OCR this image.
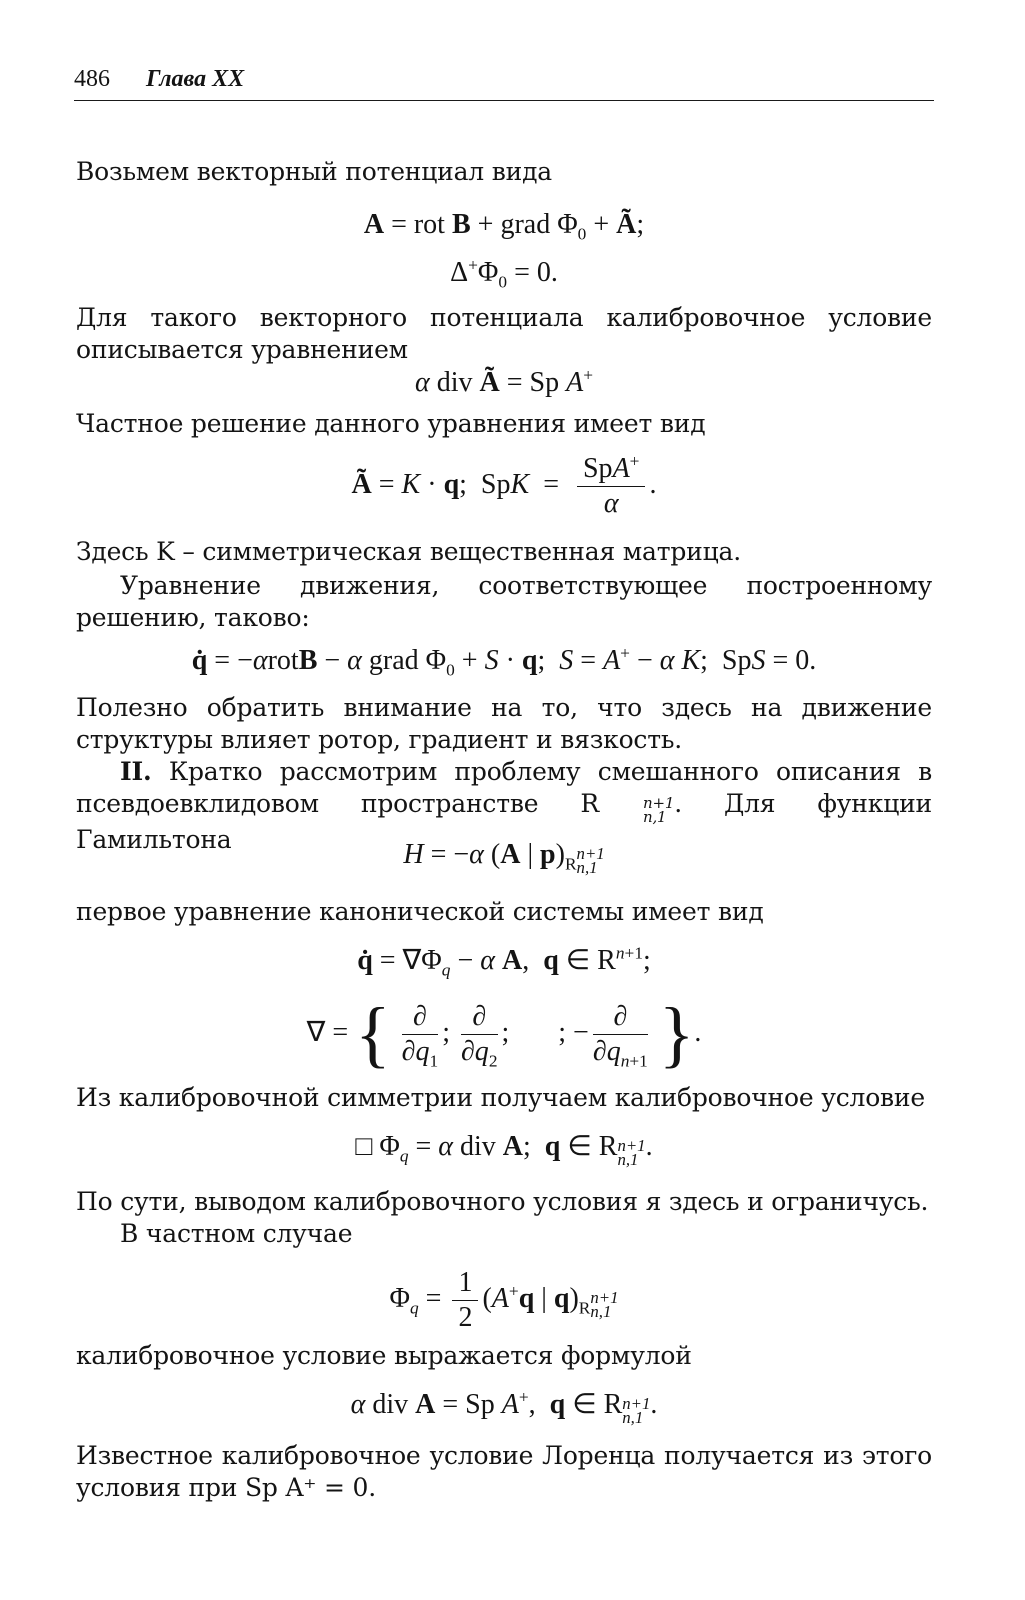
486 Глава XX

Возьмем векторный потенциал вида

A = rot B + grad $\Phi_0$ + Ã;
$\Delta^+\Phi_0 = 0$.

Для такого векторного потенциала калибровочное условие описывается уравнением

α div Ã = Sp A+

Частное решение данного уравнения имеет вид

Ã = K · q;  SpK  = $\frac{SpA^+}{\alpha}$ .

Здесь K – симметрическая вещественная матрица.

Уравнение движения, соответствующее построенному решению, таково:

q̇ = −αrotB − α grad $\Phi_0 + S \cdot q$;  S = A+ − α K;  SpS = 0.

Полезно обратить внимание на то, что здесь на движение структуры влияет ротор, градиент и вязкость.

II. Кратко рассмотрим проблему смешанного описания в псевдоевклидовом пространстве R	n+1
n,1 . Для функции Гамильтона	H = −α (A | $p)_R$
n+1
n,1

первое уравнение канонической системы имеет вид

q̇ = $\nabla\Phi_q - \alpha$ A,  q ∈ $R^{n+1}$;
∇ = { $\frac{\partial}{\partial q_1}$ ; $\frac{\partial}{\partial q_2}$ ;       ; − $\frac{\partial}{\partial q_{n+1}}$ }.

Из калибровочной симметрии получаем калибровочное условие

□ $\Phi_q = \alpha$ div A;  q ∈ R n+1
n,1 .

По сути, выводом калибровочного условия я здесь и ограничусь.

В частном случае

$\Phi_q = \frac{1}{2} (A^+q$ | $q)_R$
n+1
n,1

калибровочное условие выражается формулой

α div A = Sp A+,  q ∈ R n+1
n,1 .

Известное калибровочное условие Лоренца получается из этого условия при Sp A⁺ = 0.
